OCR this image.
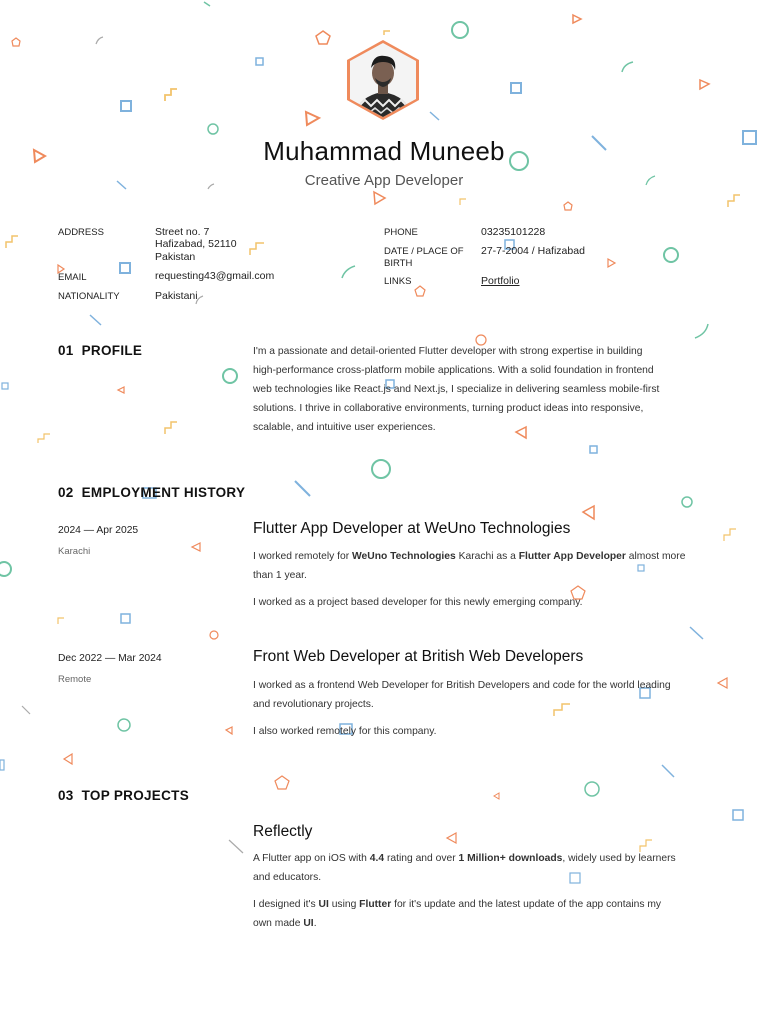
Muhammad Muneeb
Creative App Developer
ADDRESS	Street no. 7
Hafizabad, 52110
Pakistan
EMAIL	requesting43@gmail.com
NATIONALITY	Pakistani
PHONE	03235101228
DATE / PLACE OF
BIRTH
27-7-2004 / Hafizabad
LINKS	Portfolio
01 PROFILE	I'm a passionate and detail-oriented Flutter developer with strong expertise in building

high-performance cross-platform mobile applications. With a solid foundation in frontend

web technologies like React.js and Next.js, I specialize in delivering seamless mobile-first

solutions. I thrive in collaborative environments, turning product ideas into responsive,

scalable, and intuitive user experiences.

02 EMPLOYMENT HISTORY
2024 — Apr 2025
Karachi
Flutter App Developer at WeUno Technologies

I worked remotely for WeUno Technologies Karachi as a Flutter App Developer almost more

than 1 year.

I worked as a project based developer for this newly emerging company.

Dec 2022 — Mar 2024
Remote
Front Web Developer at British Web Developers

I worked as a frontend Web Developer for British Developers and code for the world leading

and revolutionary projects.

I also worked remotely for this company.

03 TOP PROJECTS
Reflectly

A Flutter app on iOS with 4.4 rating and over 1 Million+ downloads, widely used by learners

and educators.

I designed it's UI using Flutter for it's update and the latest update of the app contains my

own made UI.
